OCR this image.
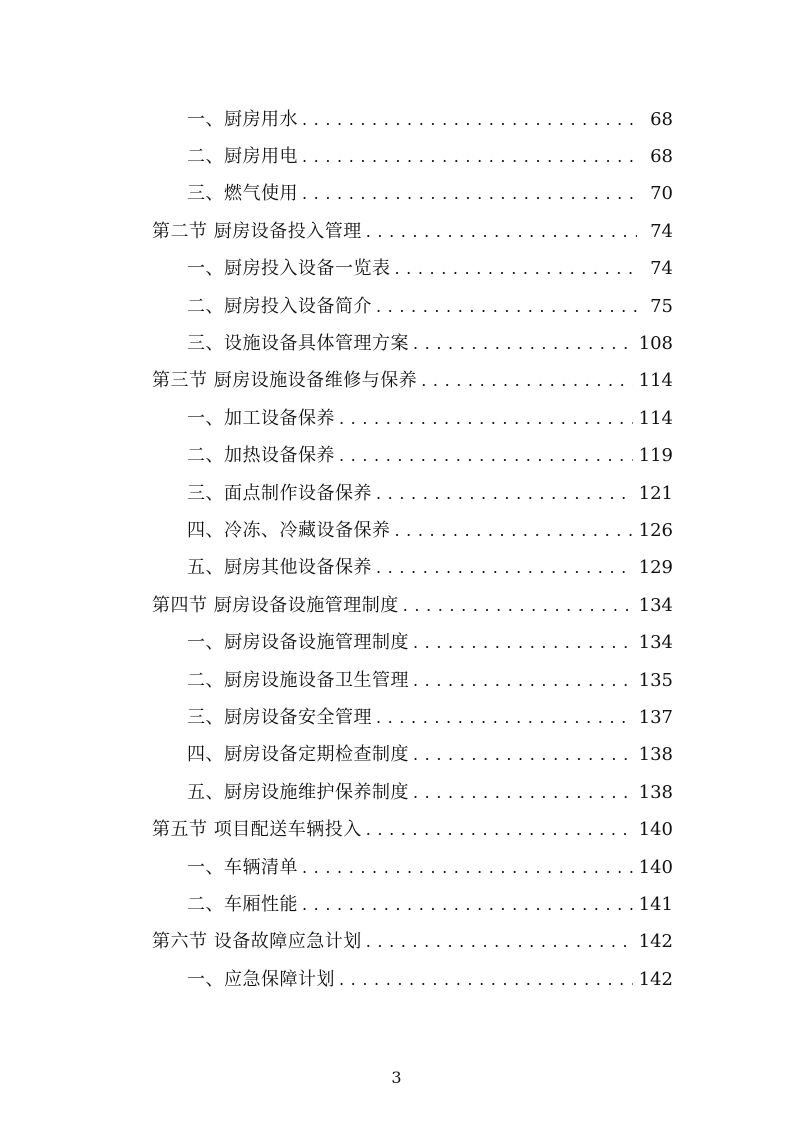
一、厨房用水 . . .	68
二、厨房用电 . . .	68
三、燃气使用 . . .	70
第二节 厨房设备投入管理 . . .	74
一、厨房投入设备一览表 . . .	74
二、厨房投入设备简介 . . .	75
三、设施设备具体管理方案 . . .	108
第三节 厨房设施设备维修与保养 . . .	114
一、加工设备保养 . . .	114
二、加热设备保养 . . .	119
三、面点制作设备保养 . . .	121
四、冷冻、冷藏设备保养 . . .	126
五、厨房其他设备保养 . . .	129
第四节 厨房设备设施管理制度 . . .	134
一、厨房设备设施管理制度 . . .	134
二、厨房设施设备卫生管理 . . .	135
三、厨房设备安全管理 . . .	137
四、厨房设备定期检查制度 . . .	138
五、厨房设施维护保养制度 . . .	138
第五节 项目配送车辆投入 . . .	140
一、车辆清单 . . .	140
二、车厢性能 . . .	141
第六节 设备故障应急计划 . . .	142
一、应急保障计划 . . .	142
3
